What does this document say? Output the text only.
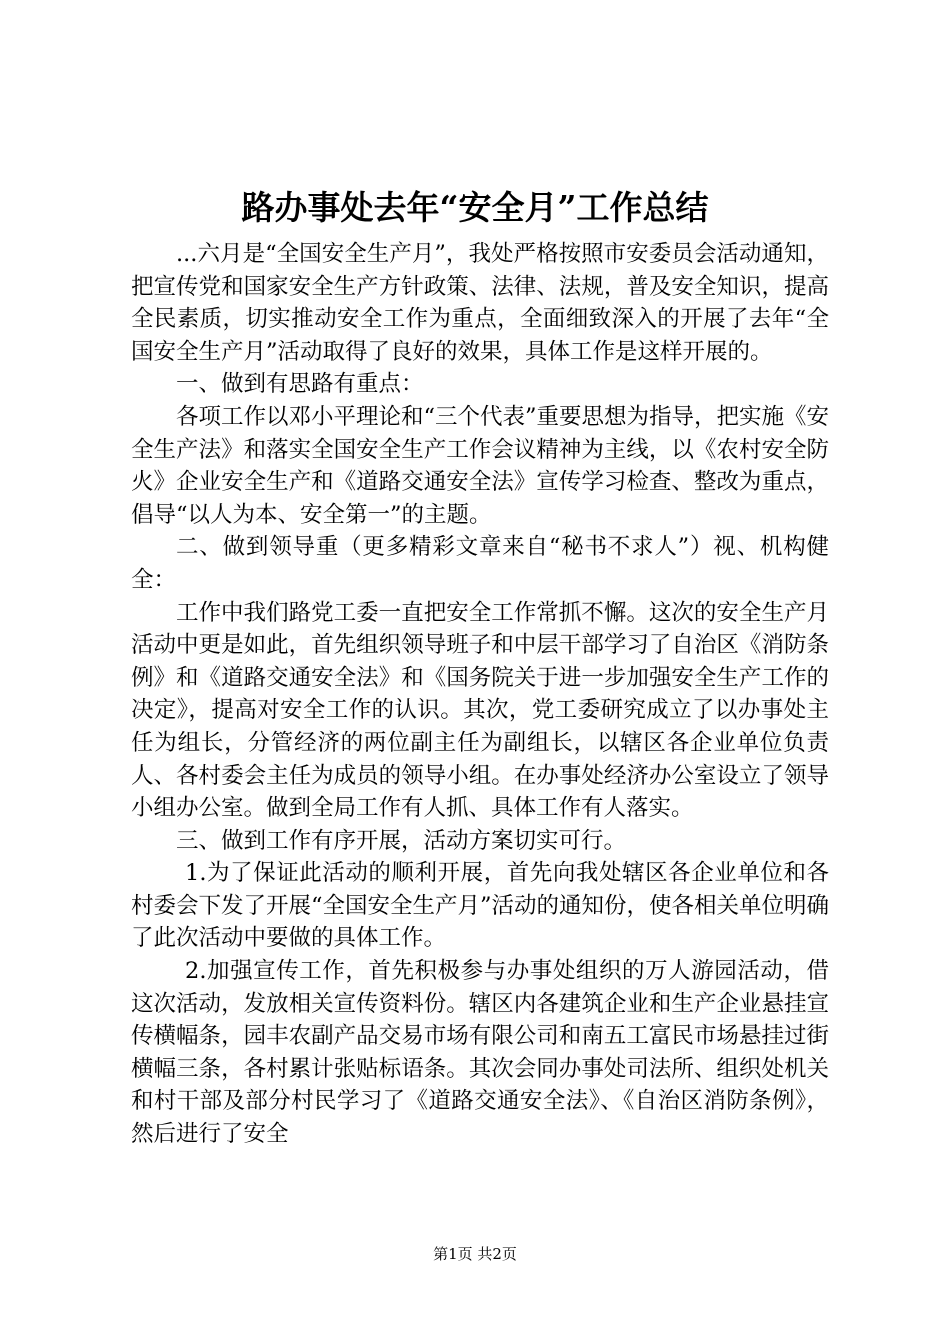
路办事处去年“安全月”工作总结

...六月是“全国安全生产月”，我处严格按照市安委员会活动通知，把宣传党和国家安全生产方针政策、法律、法规，普及安全知识，提高全民素质，切实推动安全工作为重点，全面细致深入的开展了去年“全国安全生产月”活动取得了良好的效果，具体工作是这样开展的。

一、做到有思路有重点：

各项工作以邓小平理论和“三个代表”重要思想为指导，把实施《安全生产法》和落实全国安全生产工作会议精神为主线，以《农村安全防火》企业安全生产和《道路交通安全法》宣传学习检查、整改为重点，倡导“以人为本、安全第一”的主题。

二、做到领导重（更多精彩文章来自“秘书不求人”）视、机构健全：

工作中我们路党工委一直把安全工作常抓不懈。这次的安全生产月活动中更是如此，首先组织领导班子和中层干部学习了自治区《消防条例》和《道路交通安全法》和《国务院关于进一步加强安全生产工作的决定》，提高对安全工作的认识。其次，党工委研究成立了以办事处主任为组长，分管经济的两位副主任为副组长，以辖区各企业单位负责人、各村委会主任为成员的领导小组。在办事处经济办公室设立了领导小组办公室。做到全局工作有人抓、具体工作有人落实。

三、做到工作有序开展，活动方案切实可行。

1.为了保证此活动的顺利开展，首先向我处辖区各企业单位和各村委会下发了开展“全国安全生产月”活动的通知份，使各相关单位明确了此次活动中要做的具体工作。

2.加强宣传工作，首先积极参与办事处组织的万人游园活动，借这次活动，发放相关宣传资料份。辖区内各建筑企业和生产企业悬挂宣传横幅条，园丰农副产品交易市场有限公司和南五工富民市场悬挂过街横幅三条，各村累计张贴标语条。其次会同办事处司法所、组织处机关和村干部及部分村民学习了《道路交通安全法》、《自治区消防条例》，然后进行了安全

第1页 共2页
